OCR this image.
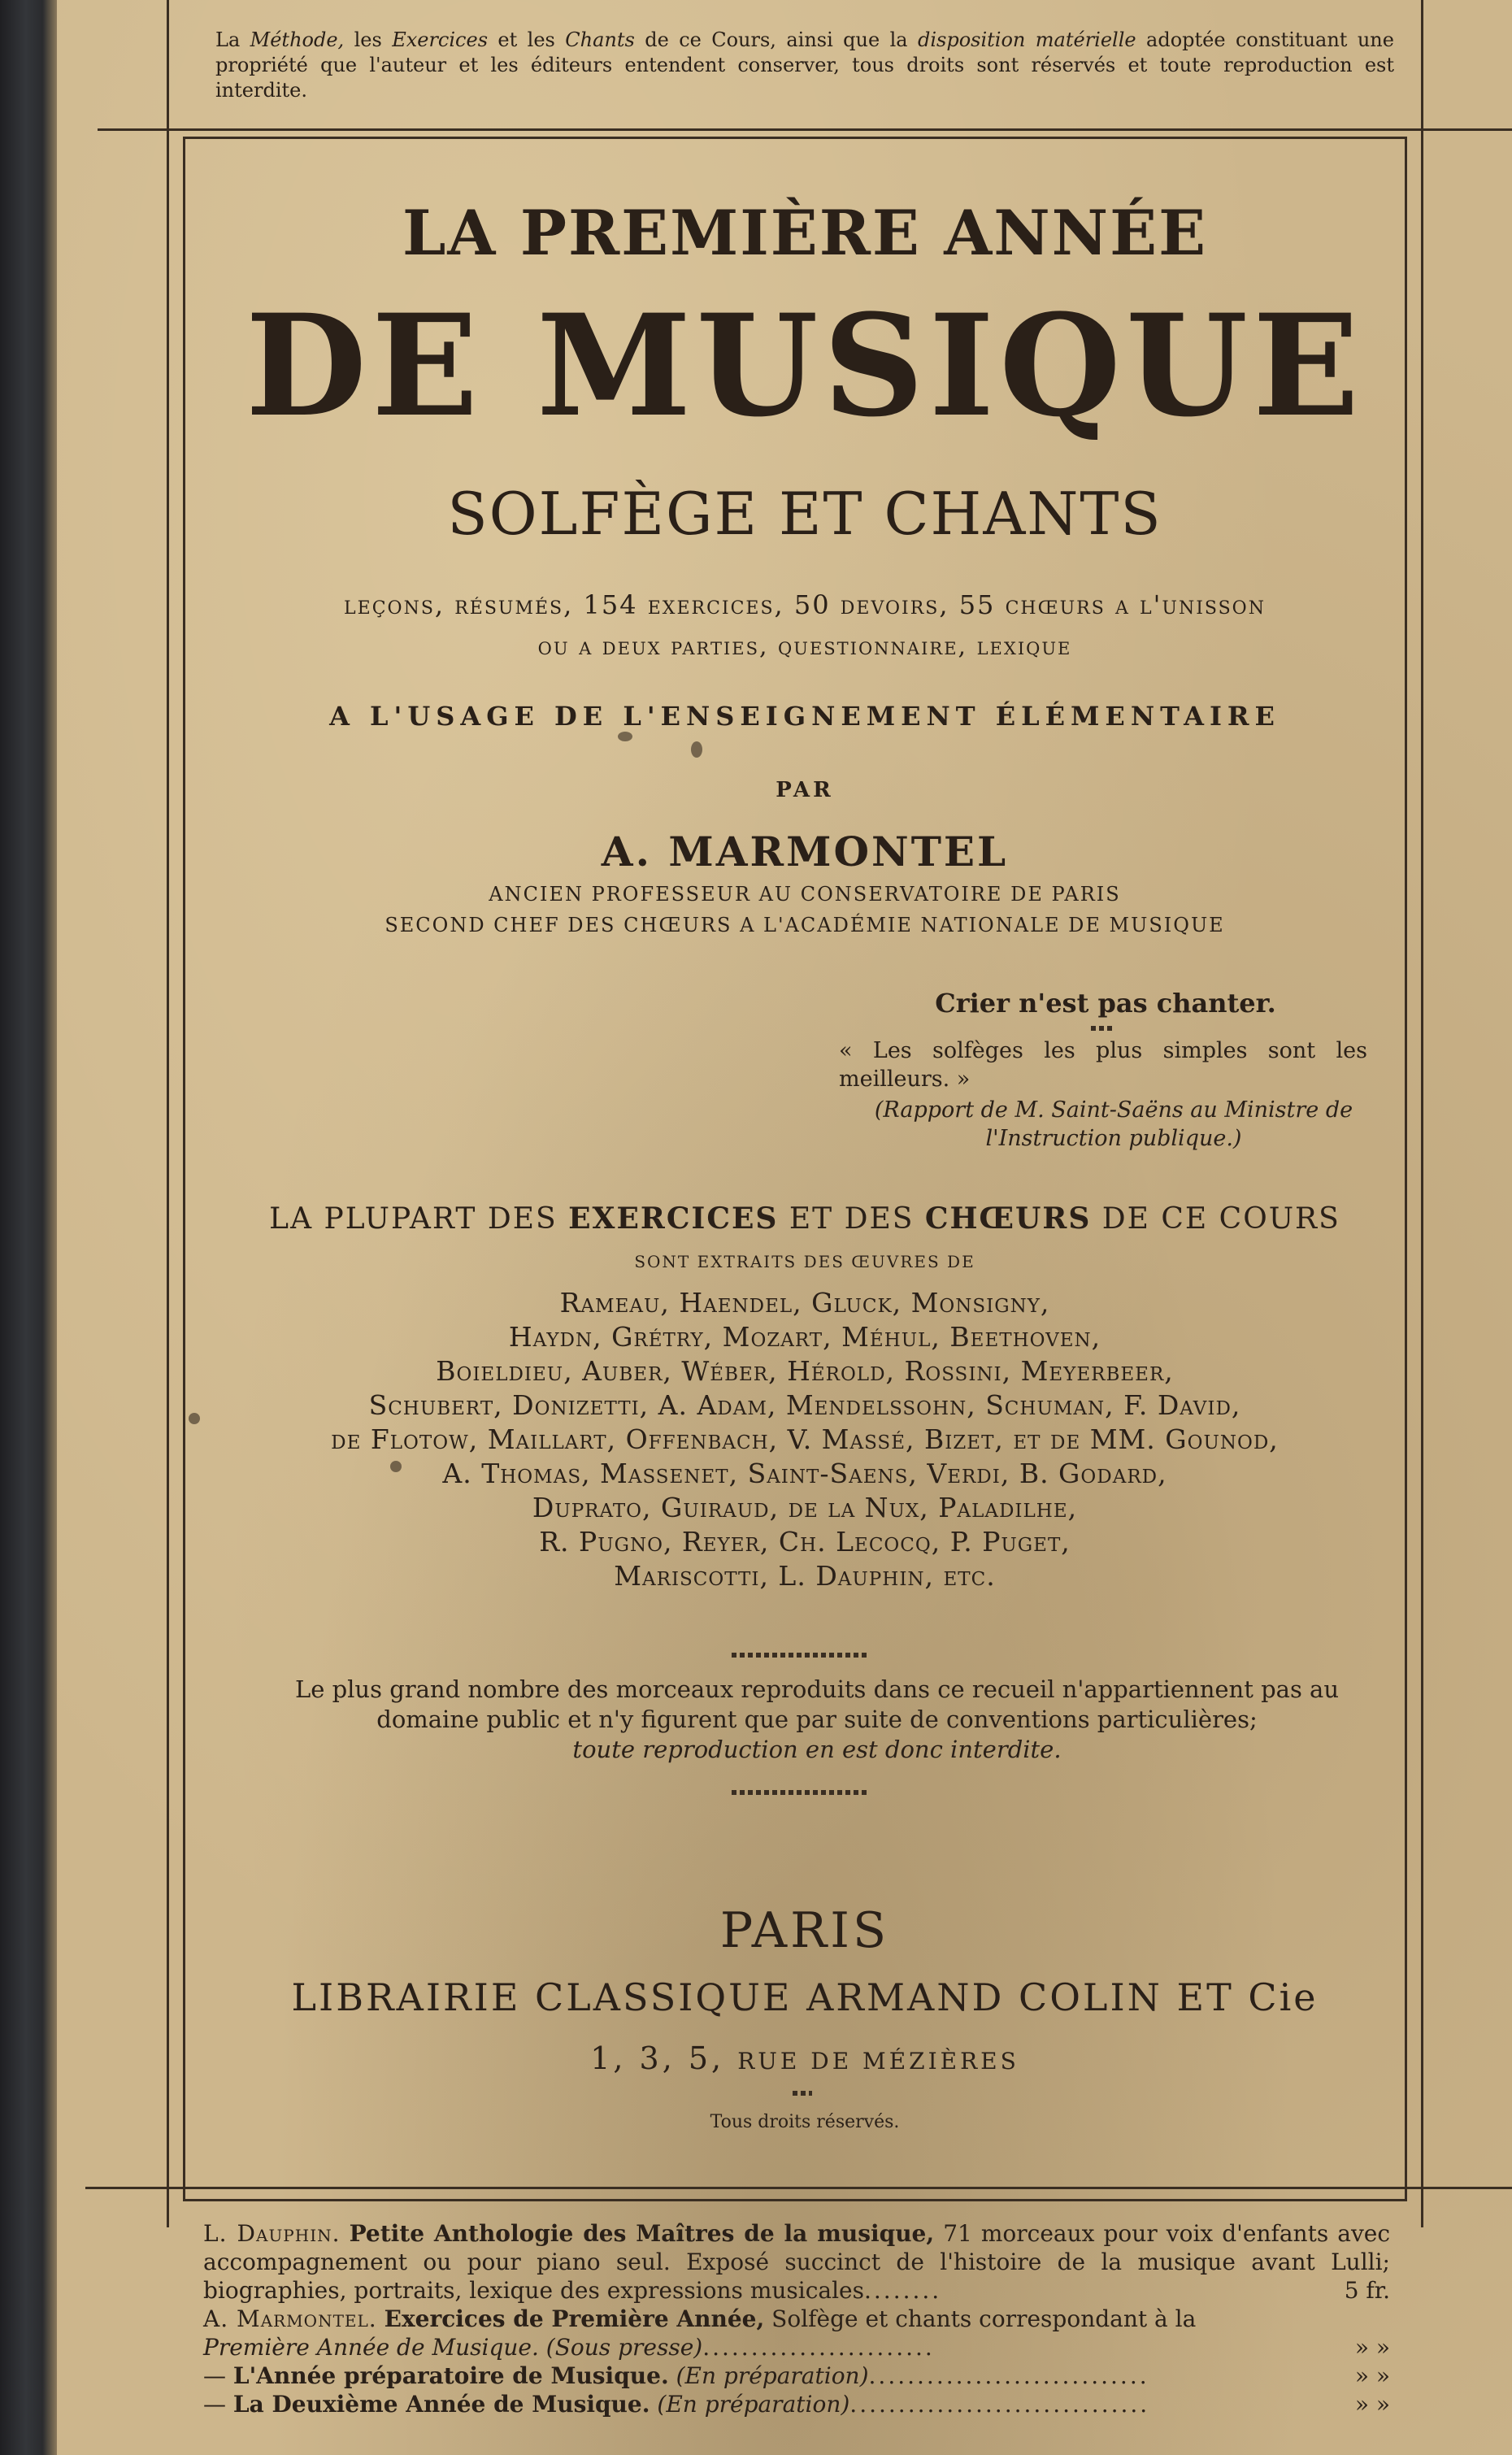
La Méthode, les Exercices et les Chants de ce Cours, ainsi que la disposition matérielle adoptée constituant une propriété que l'auteur et les éditeurs entendent conserver, tous droits sont réservés et toute reproduction est interdite.
LA PREMIÈRE ANNÉE
DE MUSIQUE
SOLFÈGE ET CHANTS
leçons, résumés, 154 exercices, 50 devoirs, 55 chœurs a l'unisson
ou a deux parties, questionnaire, lexique
A L'USAGE DE L'ENSEIGNEMENT ÉLÉMENTAIRE
PAR
A. MARMONTEL
ANCIEN PROFESSEUR AU CONSERVATOIRE DE PARIS
SECOND CHEF DES CHŒURS A L'ACADÉMIE NATIONALE DE MUSIQUE
Crier n'est pas chanter.
« Les solfèges les plus simples sont les meilleurs. »
(Rapport de M. Saint-Saëns au Ministre de l'Instruction publique.)
LA PLUPART DES EXERCICES ET DES CHŒURS DE CE COURS
SONT EXTRAITS DES ŒUVRES DE
Rameau, Haendel, Gluck, Monsigny,
Haydn, Grétry, Mozart, Méhul, Beethoven,
Boieldieu, Auber, Wéber, Hérold, Rossini, Meyerbeer,
Schubert, Donizetti, A. Adam, Mendelssohn, Schuman, F. David,
de Flotow, Maillart, Offenbach, V. Massé, Bizet, et de MM. Gounod,
A. Thomas, Massenet, Saint-Saens, Verdi, B. Godard,
Duprato, Guiraud, de la Nux, Paladilhe,
R. Pugno, Reyer, Ch. Lecocq, P. Puget,
Mariscotti, L. Dauphin, etc.
Le plus grand nombre des morceaux reproduits dans ce recueil n'appartiennent pas au
domaine public et n'y figurent que par suite de conventions particulières;
toute reproduction en est donc interdite.
PARIS
LIBRAIRIE CLASSIQUE ARMAND COLIN ET Cie
1, 3, 5, RUE DE MÉZIÈRES
Tous droits réservés.
L. Dauphin. Petite Anthologie des Maîtres de la musique, 71 morceaux pour voix d'enfants avec accompagnement ou pour piano seul. Exposé succinct de l'histoire de la musique avant Lulli; biographies, portraits, lexique des expressions musicales........	5 fr.
A. Marmontel. Exercices de Première Année, Solfège et chants correspondant à la
Première Année de Musique. (Sous presse)........................	» »
— L'Année préparatoire de Musique. (En préparation).............................	» »
— La Deuxième Année de Musique. (En préparation)...............................	» »
